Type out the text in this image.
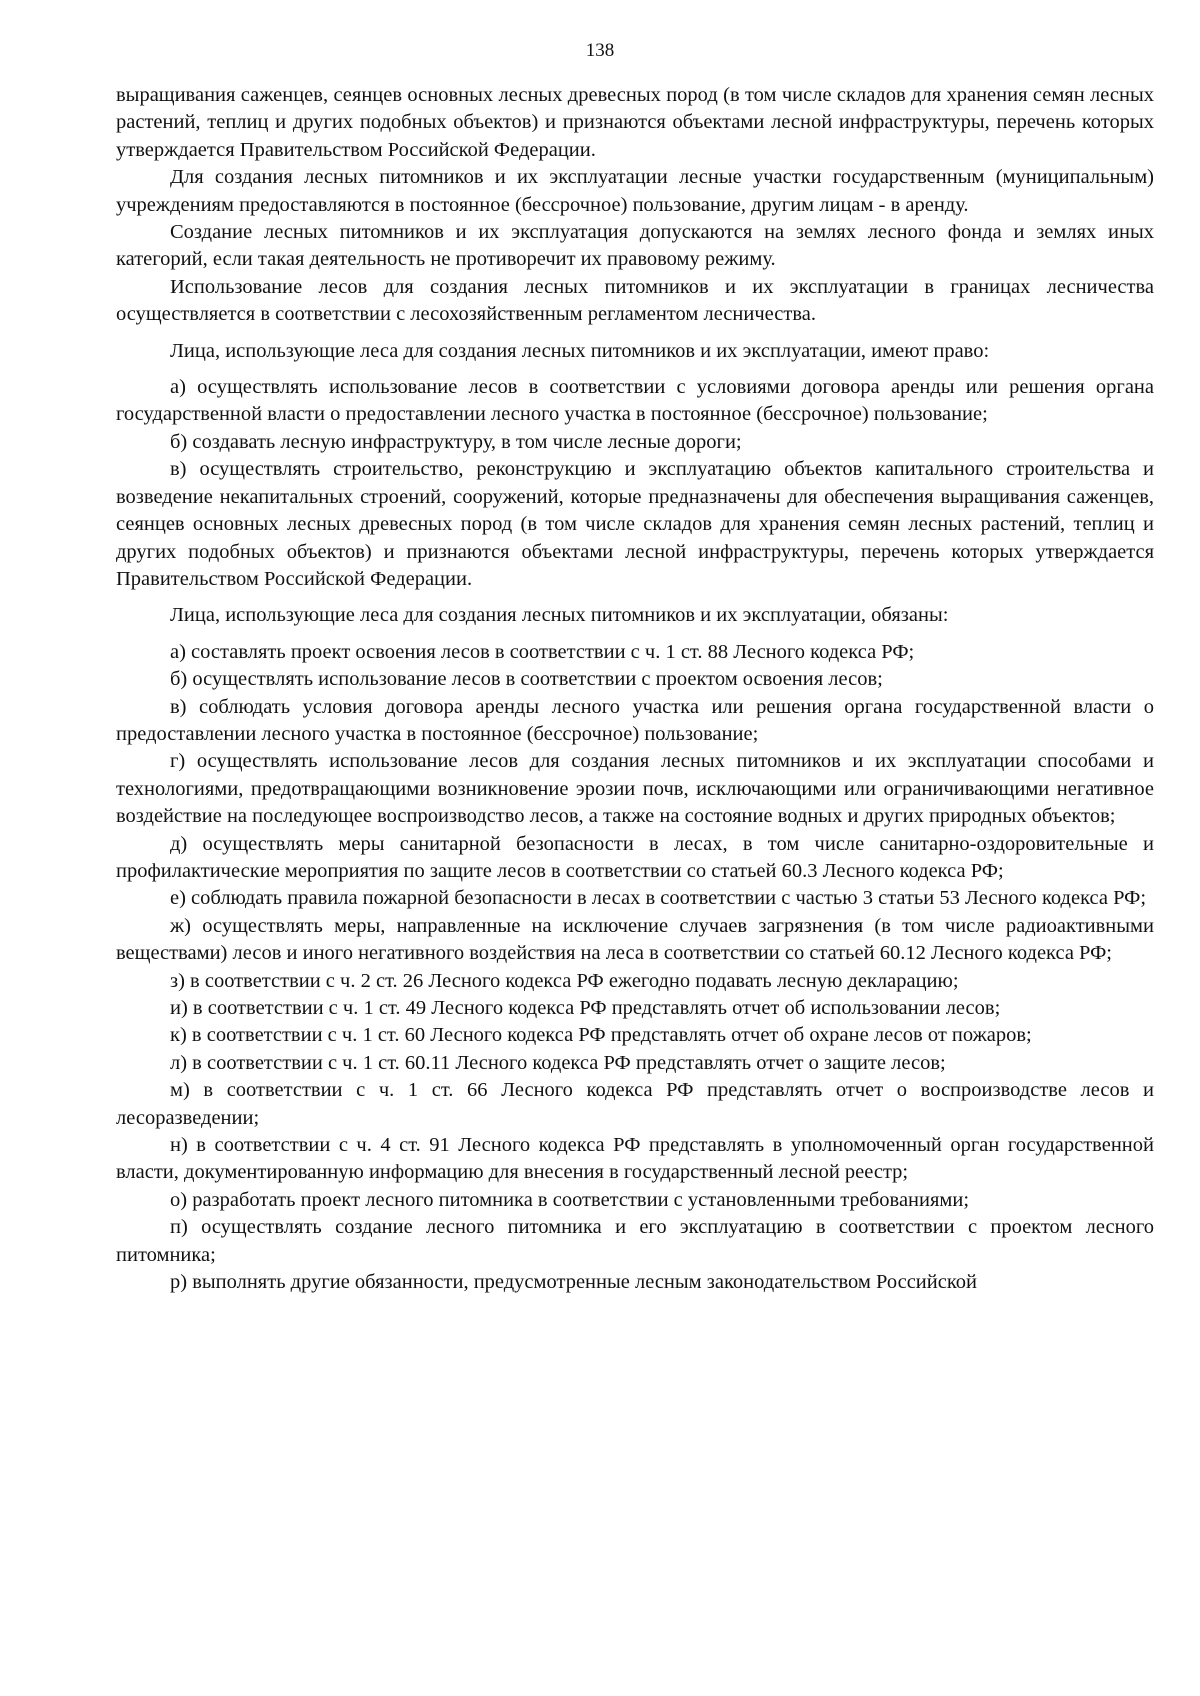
138

выращивания саженцев, сеянцев основных лесных древесных пород (в том числе складов для хранения семян лесных растений, теплиц и других подобных объектов) и признаются объектами лесной инфраструктуры, перечень которых утверждается Правительством Российской Федерации.

Для создания лесных питомников и их эксплуатации лесные участки государственным (муниципальным) учреждениям предоставляются в постоянное (бессрочное) пользование, другим лицам - в аренду.

Создание лесных питомников и их эксплуатация допускаются на землях лесного фонда и землях иных категорий, если такая деятельность не противоречит их правовому режиму.

Использование лесов для создания лесных питомников и их эксплуатации в границах лесничества осуществляется в соответствии с лесохозяйственным регламентом лесничества.

Лица, использующие леса для создания лесных питомников и их эксплуатации, имеют право:

а) осуществлять использование лесов в соответствии с условиями договора аренды или решения органа государственной власти о предоставлении лесного участка в постоянное (бессрочное) пользование;

б) создавать лесную инфраструктуру, в том числе лесные дороги;

в) осуществлять строительство, реконструкцию и эксплуатацию объектов капитального строительства и возведение некапитальных строений, сооружений, которые предназначены для обеспечения выращивания саженцев, сеянцев основных лесных древесных пород (в том числе складов для хранения семян лесных растений, теплиц и других подобных объектов) и признаются объектами лесной инфраструктуры, перечень которых утверждается Правительством Российской Федерации.

Лица, использующие леса для создания лесных питомников и их эксплуатации, обязаны:

а) составлять проект освоения лесов в соответствии с ч. 1 ст. 88 Лесного кодекса РФ;

б) осуществлять использование лесов в соответствии с проектом освоения лесов;

в) соблюдать условия договора аренды лесного участка или решения органа государственной власти о предоставлении лесного участка в постоянное (бессрочное) пользование;

г) осуществлять использование лесов для создания лесных питомников и их эксплуатации способами и технологиями, предотвращающими возникновение эрозии почв, исключающими или ограничивающими негативное воздействие на последующее воспроизводство лесов, а также на состояние водных и других природных объектов;

д) осуществлять меры санитарной безопасности в лесах, в том числе санитарно-оздоровительные и профилактические мероприятия по защите лесов в соответствии со статьей 60.3 Лесного кодекса РФ;

е) соблюдать правила пожарной безопасности в лесах в соответствии с частью 3 статьи 53 Лесного кодекса РФ;

ж) осуществлять меры, направленные на исключение случаев загрязнения (в том числе радиоактивными веществами) лесов и иного негативного воздействия на леса в соответствии со статьей 60.12 Лесного кодекса РФ;

з) в соответствии с ч. 2 ст. 26 Лесного кодекса РФ ежегодно подавать лесную декларацию;

и) в соответствии с ч. 1 ст. 49 Лесного кодекса РФ представлять отчет об использовании лесов;

к) в соответствии с ч. 1 ст. 60 Лесного кодекса РФ представлять отчет об охране лесов от пожаров;

л) в соответствии с ч. 1 ст. 60.11 Лесного кодекса РФ представлять отчет о защите лесов;

м) в соответствии с ч. 1 ст. 66 Лесного кодекса РФ представлять отчет о воспроизводстве лесов и лесоразведении;

н) в соответствии с ч. 4 ст. 91 Лесного кодекса РФ представлять в уполномоченный орган государственной власти, документированную информацию для внесения в государственный лесной реестр;

о) разработать проект лесного питомника в соответствии с установленными требованиями;

п) осуществлять создание лесного питомника и его эксплуатацию в соответствии с проектом лесного питомника;

р) выполнять другие обязанности, предусмотренные лесным законодательством Российской
